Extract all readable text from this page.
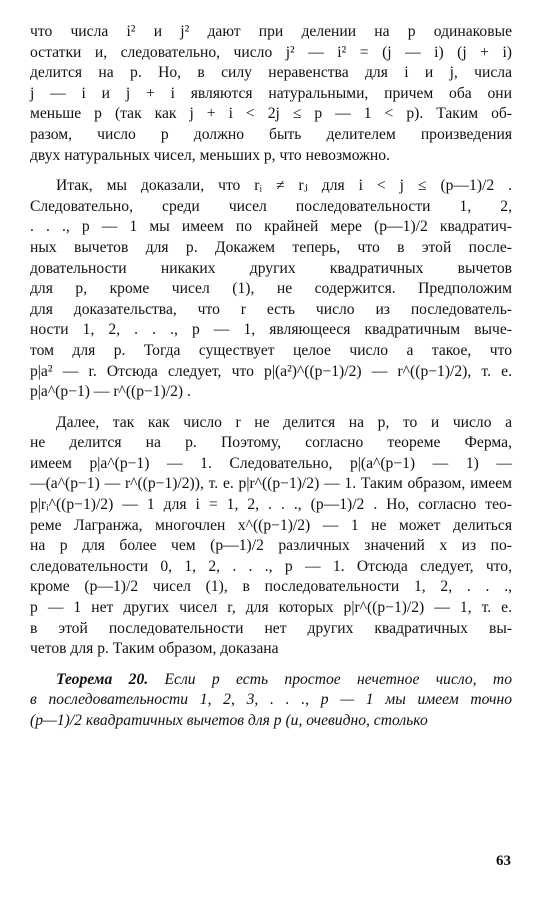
что числа i² и j² дают при делении на p одинаковые

остатки и, следовательно, число j² — i² = (j — i) (j + i)

делится на p. Но, в силу неравенства для i и j, числа

j — i и j + i являются натуральными, причем оба они

меньше p (так как j + i < 2j ≤ p — 1 < p). Таким об-

разом, число p должно быть делителем произведения

двух натуральных чисел, меньших p, что невозможно.

Итак, мы доказали, что rᵢ ≠ rⱼ для i < j ≤ (p—1)/2 .

Следовательно, среди чисел последовательности 1, 2,

. . ., p — 1 мы имеем по крайней мере (p—1)/2 квадратич-

ных вычетов для p. Докажем теперь, что в этой после-

довательности никаких других квадратичных вычетов

для p, кроме чисел (1), не содержится. Предположим

для доказательства, что r есть число из последователь-

ности 1, 2, . . ., p — 1, являющееся квадратичным выче-

том для p. Тогда существует целое число a такое, что

p|a² — r. Отсюда следует, что p|(a²)^((p−1)/2) — r^((p−1)/2), т. е.

p|a^(p−1) — r^((p−1)/2) .

Далее, так как число r не делится на p, то и число a

не делится на p. Поэтому, согласно теореме Ферма,

имеем p|a^(p−1) — 1. Следовательно, p|(a^(p−1) — 1) —

—(a^(p−1) — r^((p−1)/2)), т. е. p|r^((p−1)/2) — 1. Таким образом, имеем

p|rᵢ^((p−1)/2) — 1 для i = 1, 2, . . ., (p—1)/2 . Но, согласно тео-

реме Лагранжа, многочлен x^((p−1)/2) — 1 не может делиться

на p для более чем (p—1)/2 различных значений x из по-

следовательности 0, 1, 2, . . ., p — 1. Отсюда следует, что,

кроме (p—1)/2 чисел (1), в последовательности 1, 2, . . .,

p — 1 нет других чисел r, для которых p|r^((p−1)/2) — 1, т. е.

в этой последовательности нет других квадратичных вы-

четов для p. Таким образом, доказана

Теорема 20. Если p есть простое нечетное число, то

в последовательности 1, 2, 3, . . ., p — 1 мы имеем точно

(p—1)/2 квадратичных вычетов для p (и, очевидно, столько

63
